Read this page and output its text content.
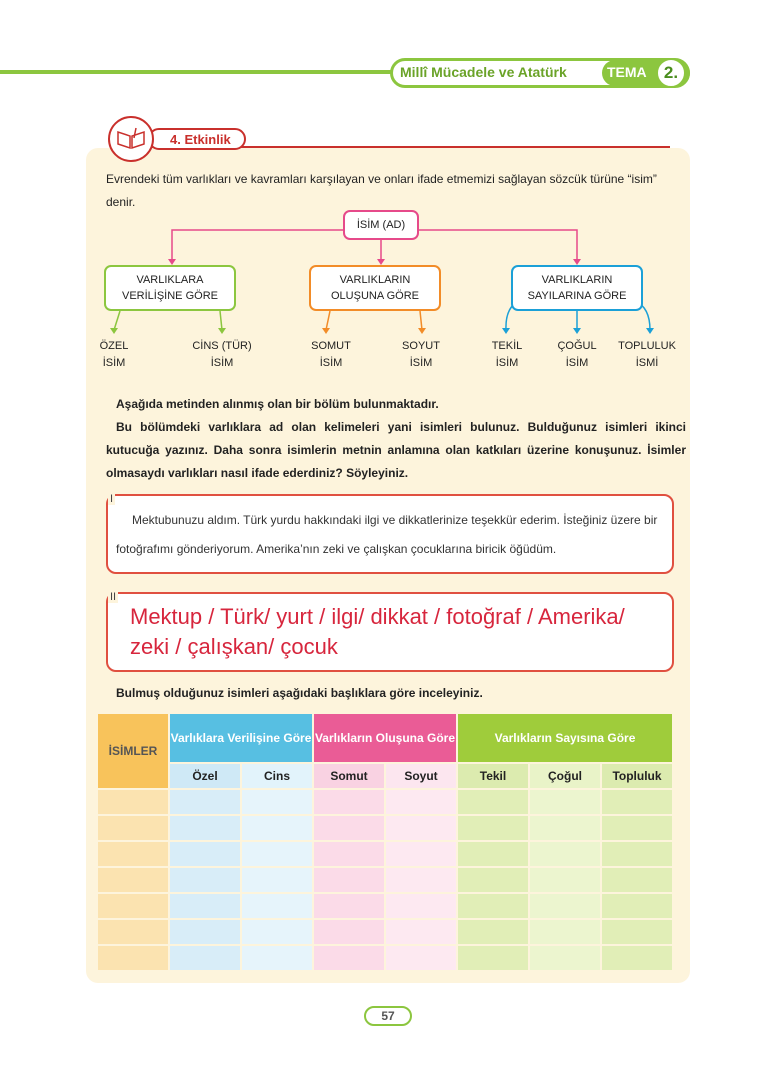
Millî Mücadele ve Atatürk	TEMA	2.
4. Etkinlik
Evrendeki tüm varlıkları ve kavramları karşılayan ve onları ifade etmemizi sağlayan sözcük türüne “isim” denir.
İSİM (AD)
VARLIKLARA
VERİLİŞİNE GÖRE
VARLIKLARIN
OLUŞUNA GÖRE
VARLIKLARIN
SAYILARINA GÖRE
ÖZEL
İSİM
CİNS (TÜR)
İSİM
SOMUT
İSİM
SOYUT
İSİM
TEKİL
İSİM
ÇOĞUL
İSİM
TOPLULUK
İSMİ
Aşağıda metinden alınmış olan bir bölüm bulunmaktadır.
Bu bölümdeki varlıklara ad olan kelimeleri yani isimleri bulunuz. Bulduğunuz isimleri ikinci kutucuğa yazınız. Daha sonra isimlerin metnin anlamına olan katkıları üzerine konuşunuz. İsimler olmasaydı varlıkları nasıl ifade ederdiniz? Söyleyiniz.
I
Mektubunuzu aldım. Türk yurdu hakkındaki ilgi ve dikkatlerinize teşekkür ederim. İsteğiniz üzere bir fotoğrafımı gönderiyorum. Amerika’nın zeki ve çalışkan çocuklarına biricik öğüdüm.
II
Mektup / Türk/ yurt / ilgi/ dikkat / fotoğraf / Amerika/
zeki / çalışkan/ çocuk
Bulmuş olduğunuz isimleri aşağıdaki başlıklara göre inceleyiniz.
İSİMLER	Varlıklara Verilişine Göre		Varlıkların Oluşuna Göre		Varlıkların Sayısına Göre		
	Özel	Cins	Somut	Soyut	Tekil	Çoğul	Topluluk

57
